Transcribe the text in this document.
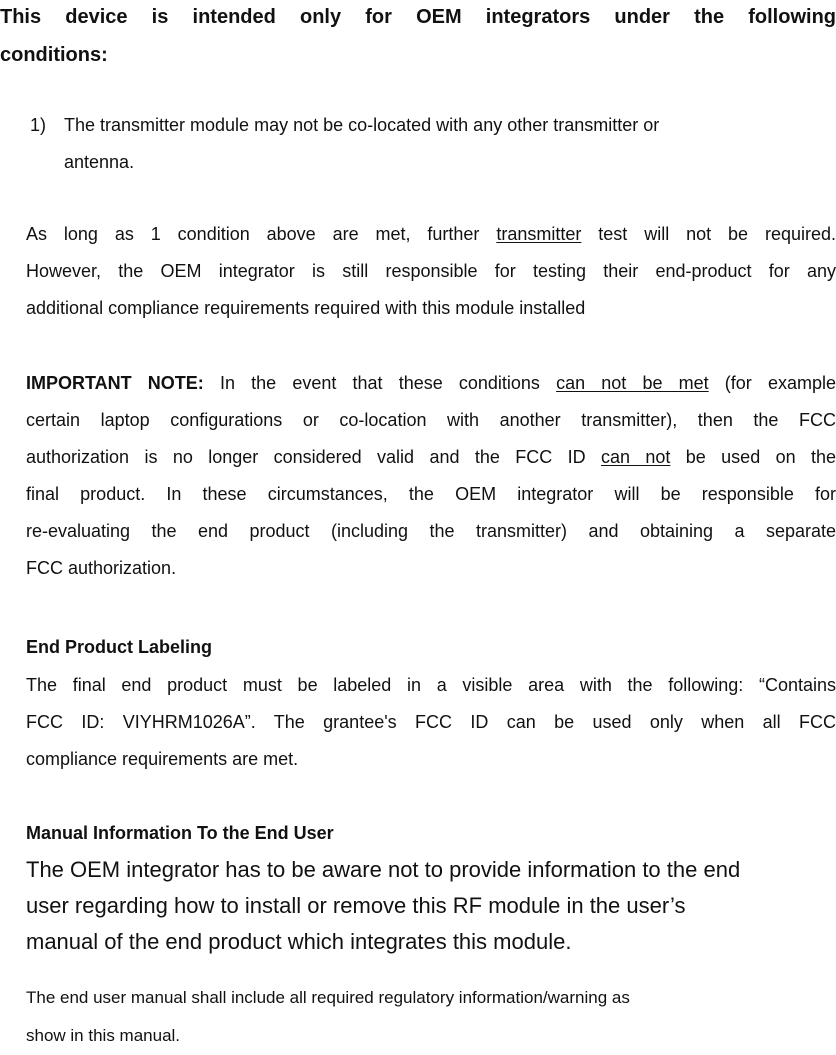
This device is intended only for OEM integrators under the following
conditions:
1) The transmitter module may not be co-located with any other transmitter or
antenna.
As long as 1 condition above are met, further transmitter test will not be required.
However, the OEM integrator is still responsible for testing their end-product for any
additional compliance requirements required with this module installed
IMPORTANT NOTE: In the event that these conditions can not be met (for example
certain laptop configurations or co-location with another transmitter), then the FCC
authorization is no longer considered valid and the FCC ID can not be used on the
final product. In these circumstances, the OEM integrator will be responsible for
re-evaluating the end product (including the transmitter) and obtaining a separate
FCC authorization.
End Product Labeling
The final end product must be labeled in a visible area with the following: “Contains
FCC ID: VIYHRM1026A”. The grantee's FCC ID can be used only when all FCC
compliance requirements are met.
Manual Information To the End User
The OEM integrator has to be aware not to provide information to the end
user regarding how to install or remove this RF module in the user’s
manual of the end product which integrates this module.
The end user manual shall include all required regulatory information/warning as
show in this manual.
